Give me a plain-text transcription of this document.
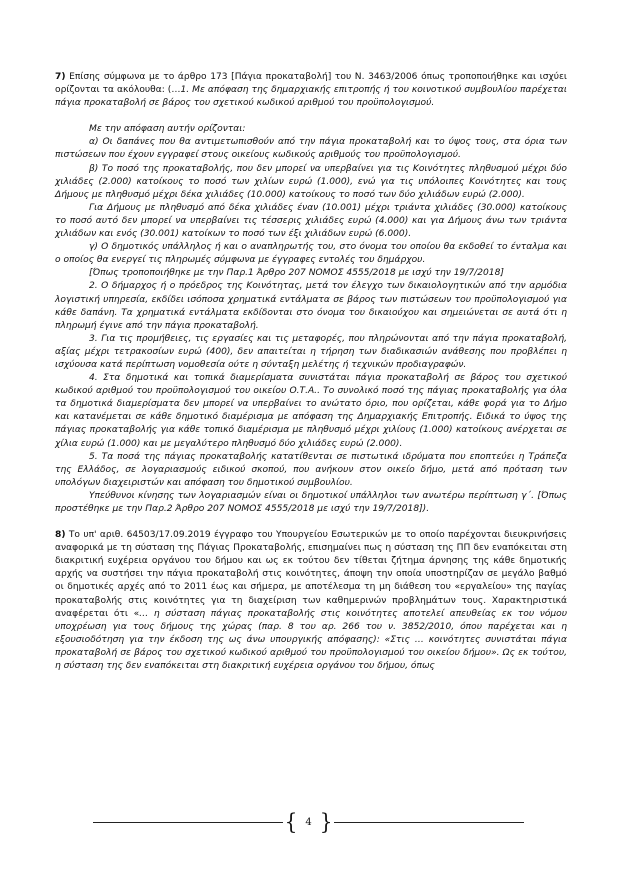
7) Επίσης σύμφωνα με το άρθρο 173 [Πάγια προκαταβολή] του Ν. 3463/2006 όπως τροποποιήθηκε και ισχύει ορίζονται τα ακόλουθα: (…1. Με απόφαση της δημαρχιακής επιτροπής ή του κοινοτικού συμβουλίου παρέχεται πάγια προκαταβολή σε βάρος του σχετικού κωδικού αριθμού του προϋπολογισμού.

Με την απόφαση αυτήν ορίζονται:

α) Οι δαπάνες που θα αντιμετωπισθούν από την πάγια προκαταβολή και το ύψος τους, στα όρια των πιστώσεων που έχουν εγγραφεί στους οικείους κωδικούς αριθμούς του προϋπολογισμού.

β) Το ποσό της προκαταβολής, που δεν μπορεί να υπερβαίνει για τις Κοινότητες πληθυσμού μέχρι δύο χιλιάδες (2.000) κατοίκους το ποσό των χιλίων ευρώ (1.000), ενώ για τις υπόλοιπες Κοινότητες και τους Δήμους με πληθυσμό μέχρι δέκα χιλιάδες (10.000) κατοίκους το ποσό των δύο χιλιάδων ευρώ (2.000).

Για Δήμους με πληθυσμό από δέκα χιλιάδες έναν (10.001) μέχρι τριάντα χιλιάδες (30.000) κατοίκους το ποσό αυτό δεν μπορεί να υπερβαίνει τις τέσσερις χιλιάδες ευρώ (4.000) και για Δήμους άνω των τριάντα χιλιάδων και ενός (30.001) κατοίκων το ποσό των έξι χιλιάδων ευρώ (6.000).

γ) Ο δημοτικός υπάλληλος ή και ο αναπληρωτής του, στο όνομα του οποίου θα εκδοθεί το ένταλμα και ο οποίος θα ενεργεί τις πληρωμές σύμφωνα με έγγραφες εντολές του δημάρχου.

[Όπως τροποποιήθηκε με την Παρ.1 Άρθρο 207 ΝΟΜΟΣ 4555/2018 με ισχύ την 19/7/2018]

2. Ο δήμαρχος ή ο πρόεδρος της Κοινότητας, μετά τον έλεγχο των δικαιολογητικών από την αρμόδια λογιστική υπηρεσία, εκδίδει ισόποσα χρηματικά εντάλματα σε βάρος των πιστώσεων του προϋπολογισμού για κάθε δαπάνη. Τα χρηματικά εντάλματα εκδίδονται στο όνομα του δικαιούχου και σημειώνεται σε αυτά ότι η πληρωμή έγινε από την πάγια προκαταβολή.

3. Για τις προμήθειες, τις εργασίες και τις μεταφορές, που πληρώνονται από την πάγια προκαταβολή, αξίας μέχρι τετρακοσίων ευρώ (400), δεν απαιτείται η τήρηση των διαδικασιών ανάθεσης που προβλέπει η ισχύουσα κατά περίπτωση νομοθεσία ούτε η σύνταξη μελέτης ή τεχνικών προδιαγραφών.

4. Στα δημοτικά και τοπικά διαμερίσματα συνιστάται πάγια προκαταβολή σε βάρος του σχετικού κωδικού αριθμού του προϋπολογισμού του οικείου Ο.Τ.Α.. Το συνολικό ποσό της πάγιας προκαταβολής για όλα τα δημοτικά διαμερίσματα δεν μπορεί να υπερβαίνει το ανώτατο όριο, που ορίζεται, κάθε φορά για το Δήμο και κατανέμεται σε κάθε δημοτικό διαμέρισμα με απόφαση της Δημαρχιακής Επιτροπής. Ειδικά το ύψος της πάγιας προκαταβολής για κάθε τοπικό διαμέρισμα με πληθυσμό μέχρι χιλίους (1.000) κατοίκους ανέρχεται σε χίλια ευρώ (1.000) και με μεγαλύτερο πληθυσμό δύο χιλιάδες ευρώ (2.000).

5. Τα ποσά της πάγιας προκαταβολής κατατίθενται σε πιστωτικά ιδρύματα που εποπτεύει η Τράπεζα της Ελλάδος, σε λογαριασμούς ειδικού σκοπού, που ανήκουν στον οικείο δήμο, μετά από πρόταση των υπολόγων διαχειριστών και απόφαση του δημοτικού συμβουλίου.

Υπεύθυνοι κίνησης των λογαριασμών είναι οι δημοτικοί υπάλληλοι των ανωτέρω περίπτωση γ΄. [Όπως προστέθηκε με την Παρ.2 Άρθρο 207 ΝΟΜΟΣ 4555/2018 με ισχύ την 19/7/2018]).

8) Το υπ' αριθ. 64503/17.09.2019 έγγραφο του Υπουργείου Εσωτερικών με το οποίο παρέχονται διευκρινήσεις αναφορικά με τη σύσταση της Πάγιας Προκαταβολής, επισημαίνει πως η σύσταση της ΠΠ δεν εναπόκειται στη διακριτική ευχέρεια οργάνου του δήμου και ως εκ τούτου δεν τίθεται ζήτημα άρνησης της κάθε δημοτικής αρχής να συστήσει την πάγια προκαταβολή στις κοινότητες, άποψη την οποία υποστηρίζαν σε μεγάλο βαθμό οι δημοτικές αρχές από το 2011 έως και σήμερα, με αποτέλεσμα τη μη διάθεση του «εργαλείου» της παγίας προκαταβολής στις κοινότητες για τη διαχείριση των καθημερινών προβλημάτων τους. Χαρακτηριστικά αναφέρεται ότι «… η σύσταση πάγιας προκαταβολής στις κοινότητες αποτελεί απευθείας εκ του νόμου υποχρέωση για τους δήμους της χώρας (παρ. 8 του αρ. 266 του ν. 3852/2010, όπου παρέχεται και η εξουσιοδότηση για την έκδοση της ως άνω υπουργικής απόφασης): «Στις … κοινότητες συνιστάται πάγια προκαταβολή σε βάρος του σχετικού κωδικού αριθμού του προϋπολογισμού του οικείου δήμου». Ως εκ τούτου, η σύσταση της δεν εναπόκειται στη διακριτική ευχέρεια οργάνου του δήμου, όπως

{ 4 }
